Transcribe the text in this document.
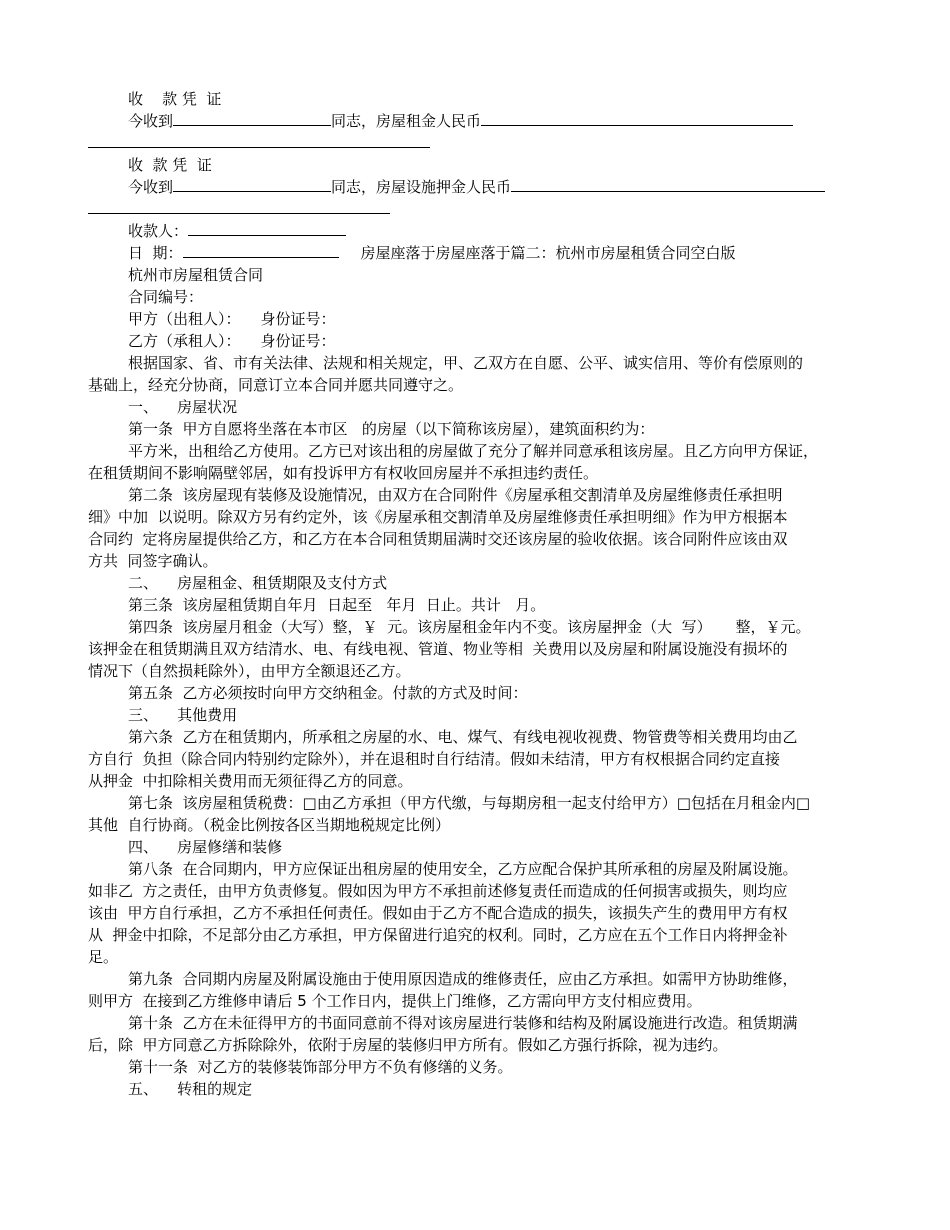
收    款 凭  证
今收到	同志，房屋租金人民币
收  款 凭  证
今收到	同志，房屋设施押金人民币
收款人：
日  期：	房屋座落于房屋座落于篇二：杭州市房屋租赁合同空白版
杭州市房屋租赁合同
合同编号：
甲方（出租人）： 身份证号：
乙方（承租人）： 身份证号：
根据国家、省、市有关法律、法规和相关规定，甲、乙双方在自愿、公平、诚实信用、等价有偿原则的
基础上，经充分协商，同意订立本合同并愿共同遵守之。
一、    房屋状况
第一条  甲方自愿将坐落在本市区   的房屋（以下简称该房屋），建筑面积约为：
平方米，出租给乙方使用。乙方已对该出租的房屋做了充分了解并同意承租该房屋。且乙方向甲方保证，
在租赁期间不影响隔壁邻居，如有投诉甲方有权收回房屋并不承担违约责任。
第二条  该房屋现有装修及设施情况，由双方在合同附件《房屋承租交割清单及房屋维修责任承担明
细》中加  以说明。除双方另有约定外，该《房屋承租交割清单及房屋维修责任承担明细》作为甲方根据本
合同约  定将房屋提供给乙方，和乙方在本合同租赁期届满时交还该房屋的验收依据。该合同附件应该由双
方共  同签字确认。
二、    房屋租金、租赁期限及支付方式
第三条  该房屋租赁期自年月  日起至   年月  日止。共计   月。
第四条  该房屋月租金（大写）整，￥  元。该房屋租金年内不变。该房屋押金（大  写）     整，￥元。
该押金在租赁期满且双方结清水、电、有线电视、管道、物业等相  关费用以及房屋和附属设施没有损坏的
情况下（自然损耗除外），由甲方全额退还乙方。
第五条  乙方必须按时向甲方交纳租金。付款的方式及时间：
三、    其他费用
第六条  乙方在租赁期内，所承租之房屋的水、电、煤气、有线电视收视费、物管费等相关费用均由乙
方自行  负担（除合同内特别约定除外），并在退租时自行结清。假如未结清，甲方有权根据合同约定直接
从押金  中扣除相关费用而无须征得乙方的同意。
第七条  该房屋租赁税费：□由乙方承担（甲方代缴，与每期房租一起支付给甲方）□包括在月租金内□
其他  自行协商。（税金比例按各区当期地税规定比例）
四、    房屋修缮和装修
第八条  在合同期内，甲方应保证出租房屋的使用安全，乙方应配合保护其所承租的房屋及附属设施。
如非乙  方之责任，由甲方负责修复。假如因为甲方不承担前述修复责任而造成的任何损害或损失，则均应
该由  甲方自行承担，乙方不承担任何责任。假如由于乙方不配合造成的损失，该损失产生的费用甲方有权
从  押金中扣除，不足部分由乙方承担，甲方保留进行追究的权利。同时，乙方应在五个工作日内将押金补
足。
第九条  合同期内房屋及附属设施由于使用原因造成的维修责任，应由乙方承担。如需甲方协助维修，
则甲方  在接到乙方维修申请后 5 个工作日内，提供上门维修，乙方需向甲方支付相应费用。
第十条  乙方在未征得甲方的书面同意前不得对该房屋进行装修和结构及附属设施进行改造。租赁期满
后，除  甲方同意乙方拆除除外，依附于房屋的装修归甲方所有。假如乙方强行拆除，视为违约。
第十一条  对乙方的装修装饰部分甲方不负有修缮的义务。
五、    转租的规定
